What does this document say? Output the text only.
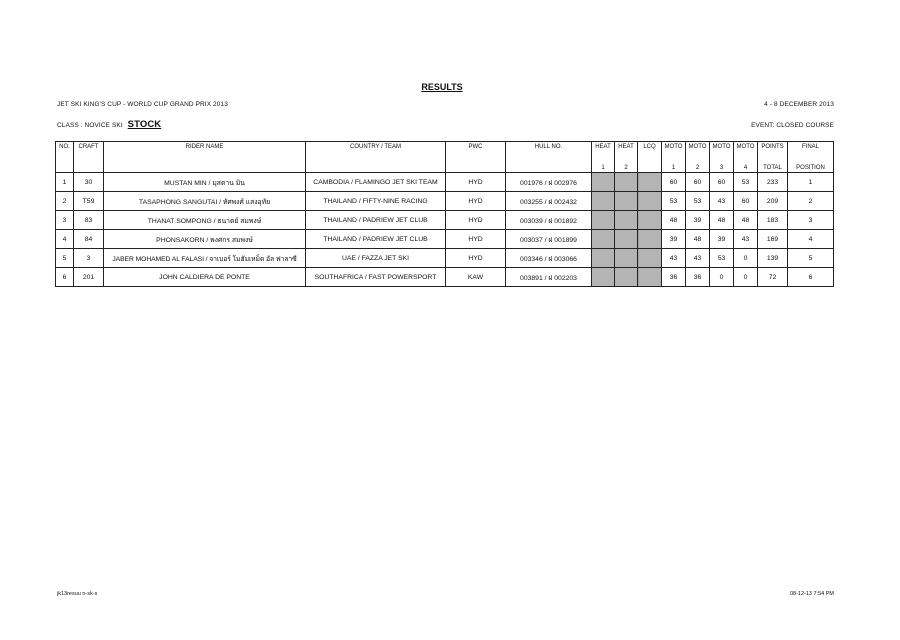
RESULTS
JET SKI KING'S CUP - WORLD CUP GRAND PRIX 2013	4 - 8 DECEMBER 2013
CLASS : NOVICE SKI STOCK	EVENT: CLOSED COURSE
NO.	CRAFT	RIDER NAME	COUNTRY / TEAM	PWC	HULL NO.	HEAT	HEAT	LCQ	MOTO	MOTO	MOTO	MOTO	POINTS	FINAL
						1	2		1	2	3	4	TOTAL	POSITION
1	30	MUSTAN MIN / มุสตาน มิน	CAMBODIA / FLAMINGO JET SKI TEAM	HYD	001976 / ฝ 002976				60	60	60	53	233	1
2	T59	TASAPHONG SANGUTAI / ทัศพงศ์ แสงอุทัย	THAILAND / FIFTY-NINE RACING	HYD	003255 / ฝ 002432				53	53	43	60	209	2
3	83	THANAT SOMPONG / ธนาตย์ สมพงษ์	THAILAND / PADRIEW JET CLUB	HYD	003039 / ฝ 001892				48	39	48	48	183	3
4	84	PHONSAKORN / พงศกร สมพงษ์	THAILAND / PADRIEW JET CLUB	HYD	003037 / ฝ 001899				39	48	39	43	169	4
5	3	JABER MOHAMED AL FALASI / จาเบอร์ โมฮัมเหม็ด อัล ฟาลาซี	UAE / FAZZA JET SKI	HYD	003346 / ฝ 003066				43	43	53	0	139	5
6	201	JOHN CALDIERA DE PONTE	SOUTHAFRICA / FAST POWERSPORT	KAW	003891 / ฝ 002203				36	36	0	0	72	6
jk13resuu n-sk-s	08-12-13 7:54 PM
